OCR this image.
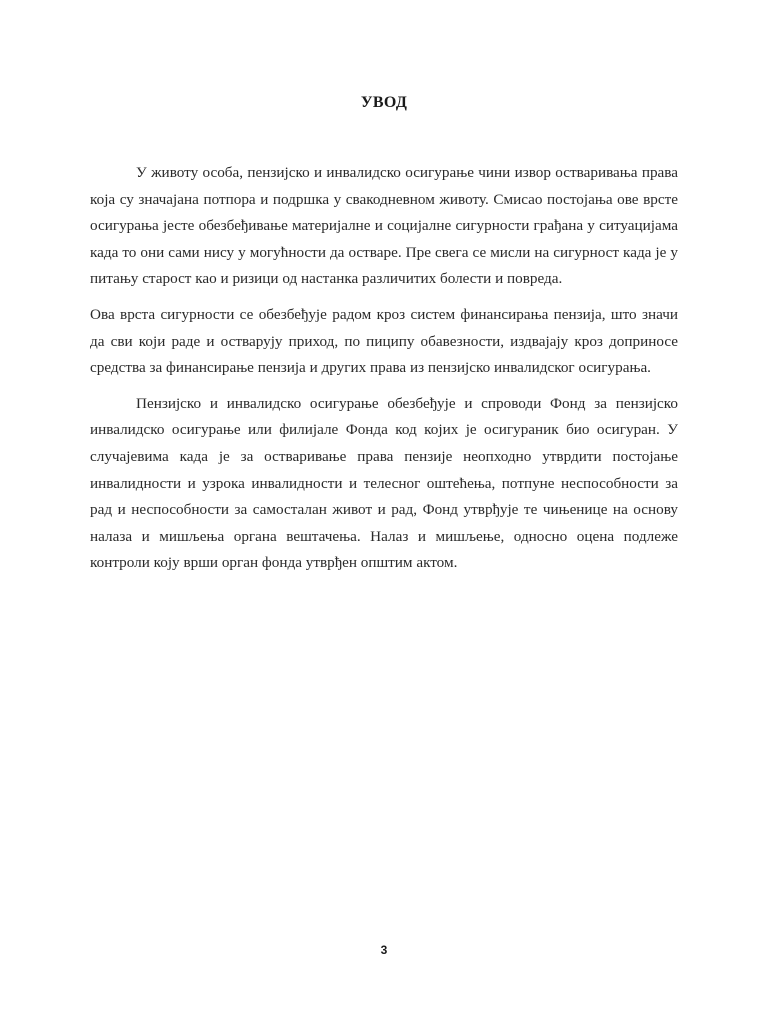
УВОД

У животу особа, пензијско и инвалидско осигурање чини извор остваривања права која су значајана потпора и подршка у свакодневном животу. Смисао постојања ове врсте осигурања јесте обезбеђивање материјалне и социјалне сигурности грађана у ситуацијама када то они сами нису у могућности да остваре. Пре свега се мисли на сигурност када је у питању старост као и ризици од настанка различитих болести и повреда.

Ова врста сигурности се обезбеђује радом кроз систем финансирања пензија, што значи да сви који раде и остварују приход, по пиципу обавезности, издвајају кроз доприносе средства за финансирање пензија и других права из пензијско инвалидског осигурања.

Пензијско и инвалидско осигурање обезбеђује и спроводи Фонд за пензијско инвалидско осигурање или филијале Фонда код којих је осигураник био осигуран. У случајевима када је за остваривање права пензије неопходно утврдити постојање инвалидности и узрока инвалидности и телесног оштећења, потпуне неспособности за рад и неспособности за самосталан живот и рад, Фонд утврђује те чињенице на основу налаза и мишљења органа вештачења. Налаз и мишљење, односно оцена подлеже контроли коју врши орган фонда утврђен општим актом.

3
